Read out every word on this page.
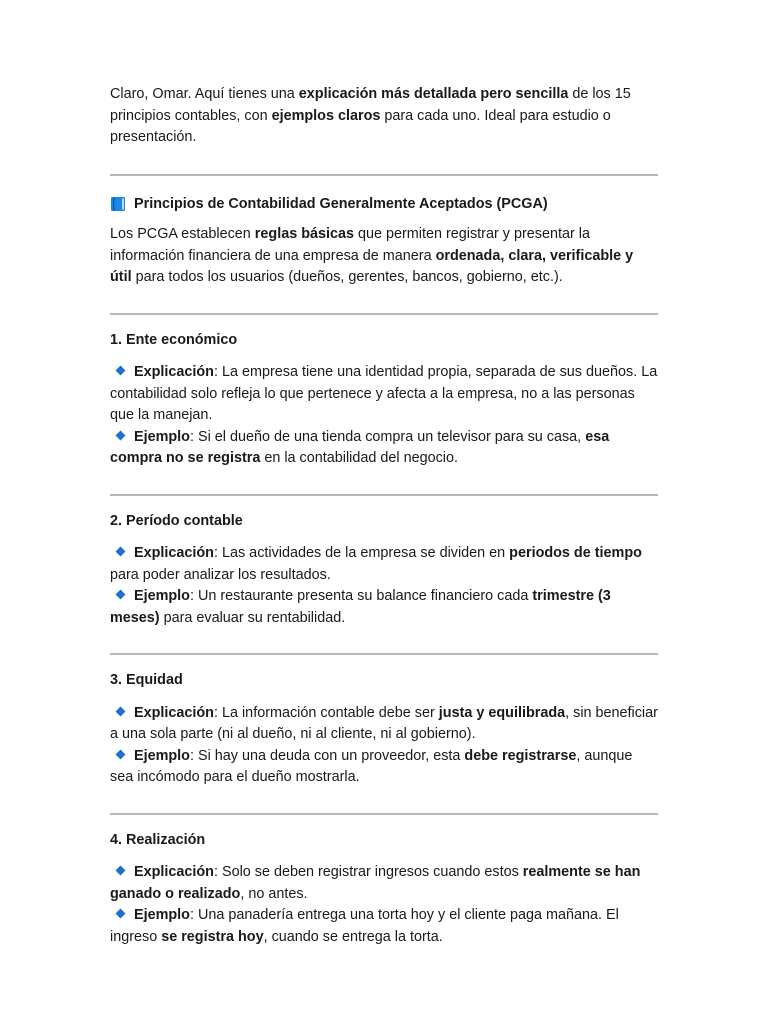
Claro, Omar. Aquí tienes una explicación más detallada pero sencilla de los 15 principios contables, con ejemplos claros para cada uno. Ideal para estudio o presentación.

Principios de Contabilidad Generalmente Aceptados (PCGA)

Los PCGA establecen reglas básicas que permiten registrar y presentar la información financiera de una empresa de manera ordenada, clara, verificable y útil para todos los usuarios (dueños, gerentes, bancos, gobierno, etc.).

1. Ente económico

Explicación: La empresa tiene una identidad propia, separada de sus dueños. La contabilidad solo refleja lo que pertenece y afecta a la empresa, no a las personas que la manejan.

Ejemplo: Si el dueño de una tienda compra un televisor para su casa, esa compra no se registra en la contabilidad del negocio.

2. Período contable

Explicación: Las actividades de la empresa se dividen en periodos de tiempo para poder analizar los resultados.

Ejemplo: Un restaurante presenta su balance financiero cada trimestre (3 meses) para evaluar su rentabilidad.

3. Equidad

Explicación: La información contable debe ser justa y equilibrada, sin beneficiar a una sola parte (ni al dueño, ni al cliente, ni al gobierno).

Ejemplo: Si hay una deuda con un proveedor, esta debe registrarse, aunque sea incómodo para el dueño mostrarla.

4. Realización

Explicación: Solo se deben registrar ingresos cuando estos realmente se han ganado o realizado, no antes.

Ejemplo: Una panadería entrega una torta hoy y el cliente paga mañana. El ingreso se registra hoy, cuando se entrega la torta.
